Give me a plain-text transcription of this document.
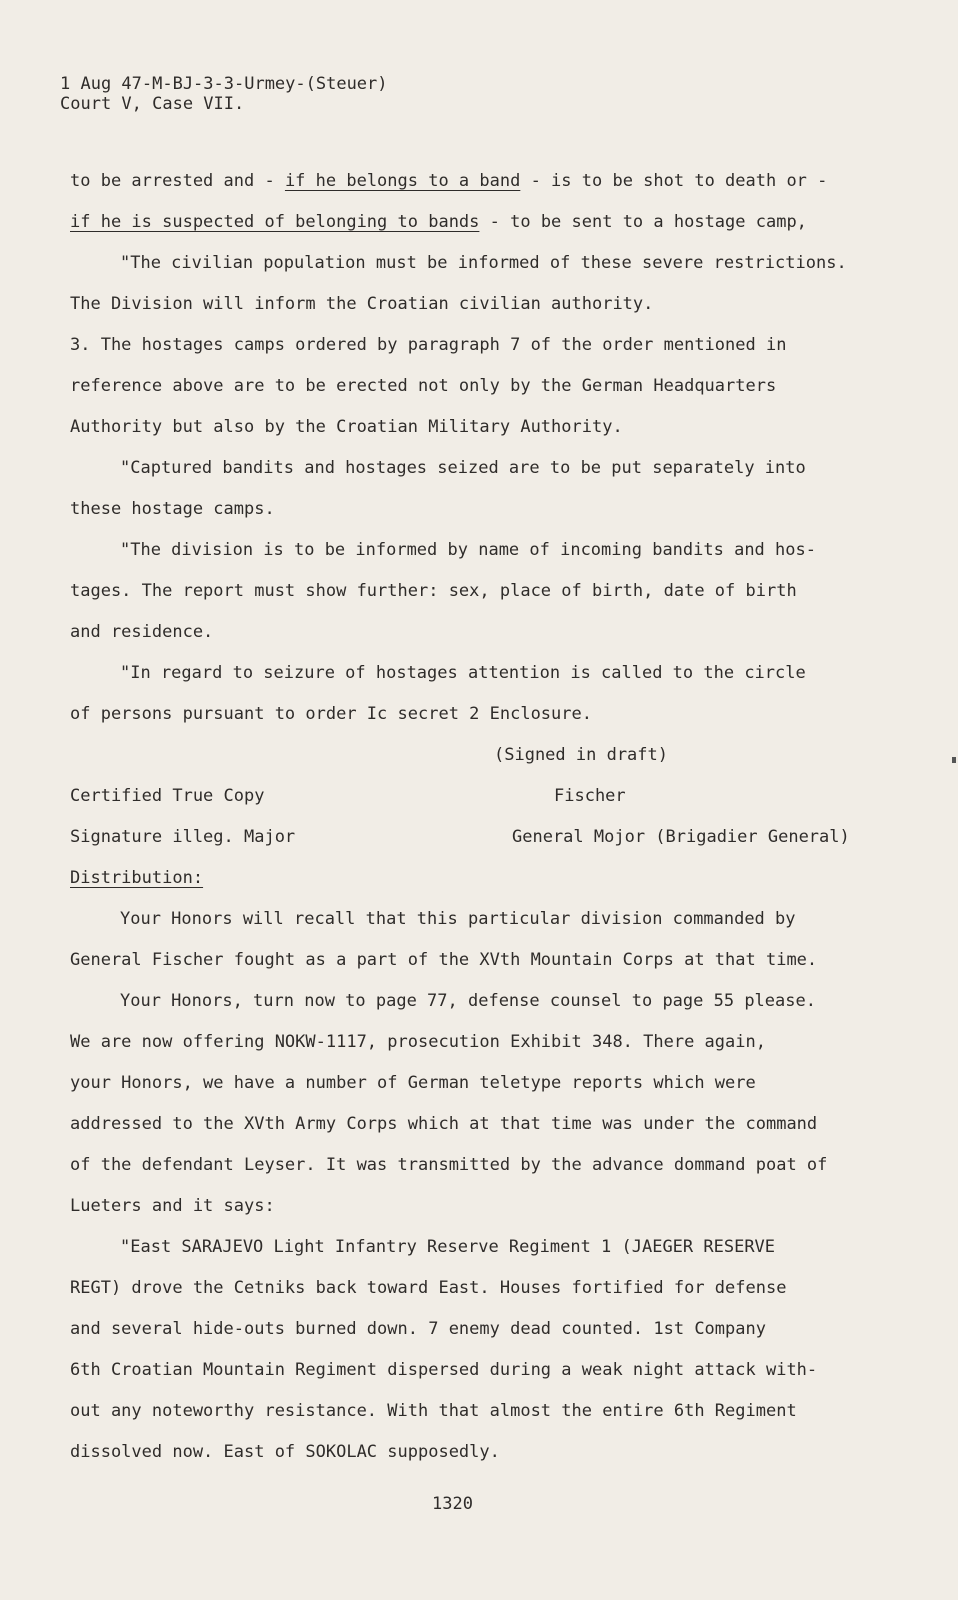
1 Aug 47-M-BJ-3-3-Urmey-(Steuer)
Court V, Case VII.
to be arrested and - if he belongs to a band - is to be shot to death or -
if he is suspected of belonging to bands - to be sent to a hostage camp,
"The civilian population must be informed of these severe restrictions.
The Division will inform the Croatian civilian authority.
3. The hostages camps ordered by paragraph 7 of the order mentioned in
reference above are to be erected not only by the German Headquarters
Authority but also by the Croatian Military Authority.
"Captured bandits and hostages seized are to be put separately into
these hostage camps.
"The division is to be informed by name of incoming bandits and hos-
tages. The report must show further: sex, place of birth, date of birth
and residence.
"In regard to seizure of hostages attention is called to the circle
of persons pursuant to order Ic secret 2 Enclosure.
(Signed in draft)
Certified True Copy	Fischer
Signature illeg. Major	General Mojor (Brigadier General)
Distribution:
Your Honors will recall that this particular division commanded by
General Fischer fought as a part of the XVth Mountain Corps at that time.
Your Honors, turn now to page 77, defense counsel to page 55 please.
We are now offering NOKW-1117, prosecution Exhibit 348. There again,
your Honors, we have a number of German teletype reports which were
addressed to the XVth Army Corps which at that time was under the command
of the defendant Leyser. It was transmitted by the advance dommand poat of
Lueters and it says:
"East SARAJEVO Light Infantry Reserve Regiment 1 (JAEGER RESERVE
REGT) drove the Cetniks back toward East. Houses fortified for defense
and several hide-outs burned down. 7 enemy dead counted. 1st Company
6th Croatian Mountain Regiment dispersed during a weak night attack with-
out any noteworthy resistance. With that almost the entire 6th Regiment
dissolved now. East of SOKOLAC supposedly.
1320
